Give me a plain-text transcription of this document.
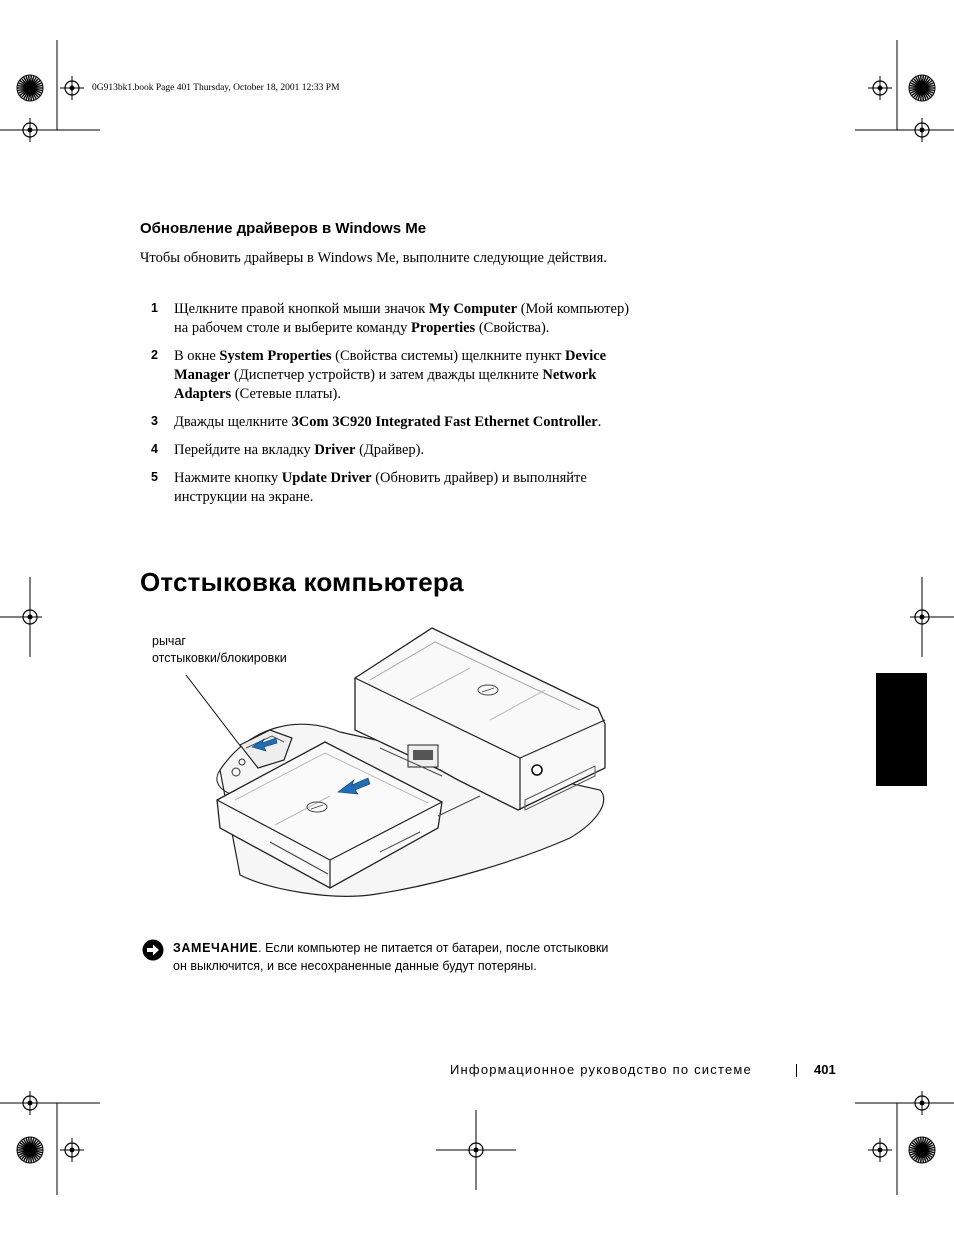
0G913bk1.book Page 401 Thursday, October 18, 2001 12:33 PM
Обновление драйверов в Windows Me
Чтобы обновить драйверы в Windows Me, выполните следующие действия.
1 Щелкните правой кнопкой мыши значок My Computer (Мой компьютер) на рабочем столе и выберите команду Properties (Свойства).
2 В окне System Properties (Свойства системы) щелкните пункт Device Manager (Диспетчер устройств) и затем дважды щелкните Network Adapters (Сетевые платы).
3 Дважды щелкните 3Com 3C920 Integrated Fast Ethernet Controller.
4 Перейдите на вкладку Driver (Драйвер).
5 Нажмите кнопку Update Driver (Обновить драйвер) и выполняйте инструкции на экране.
Отстыковка компьютера
рычаг
отстыковки/блокировки
ЗАМЕЧАНИЕ. Если компьютер не питается от батареи, после отстыковки он выключится, и все несохраненные данные будут потеряны.
Информационное руководство по системе	401
